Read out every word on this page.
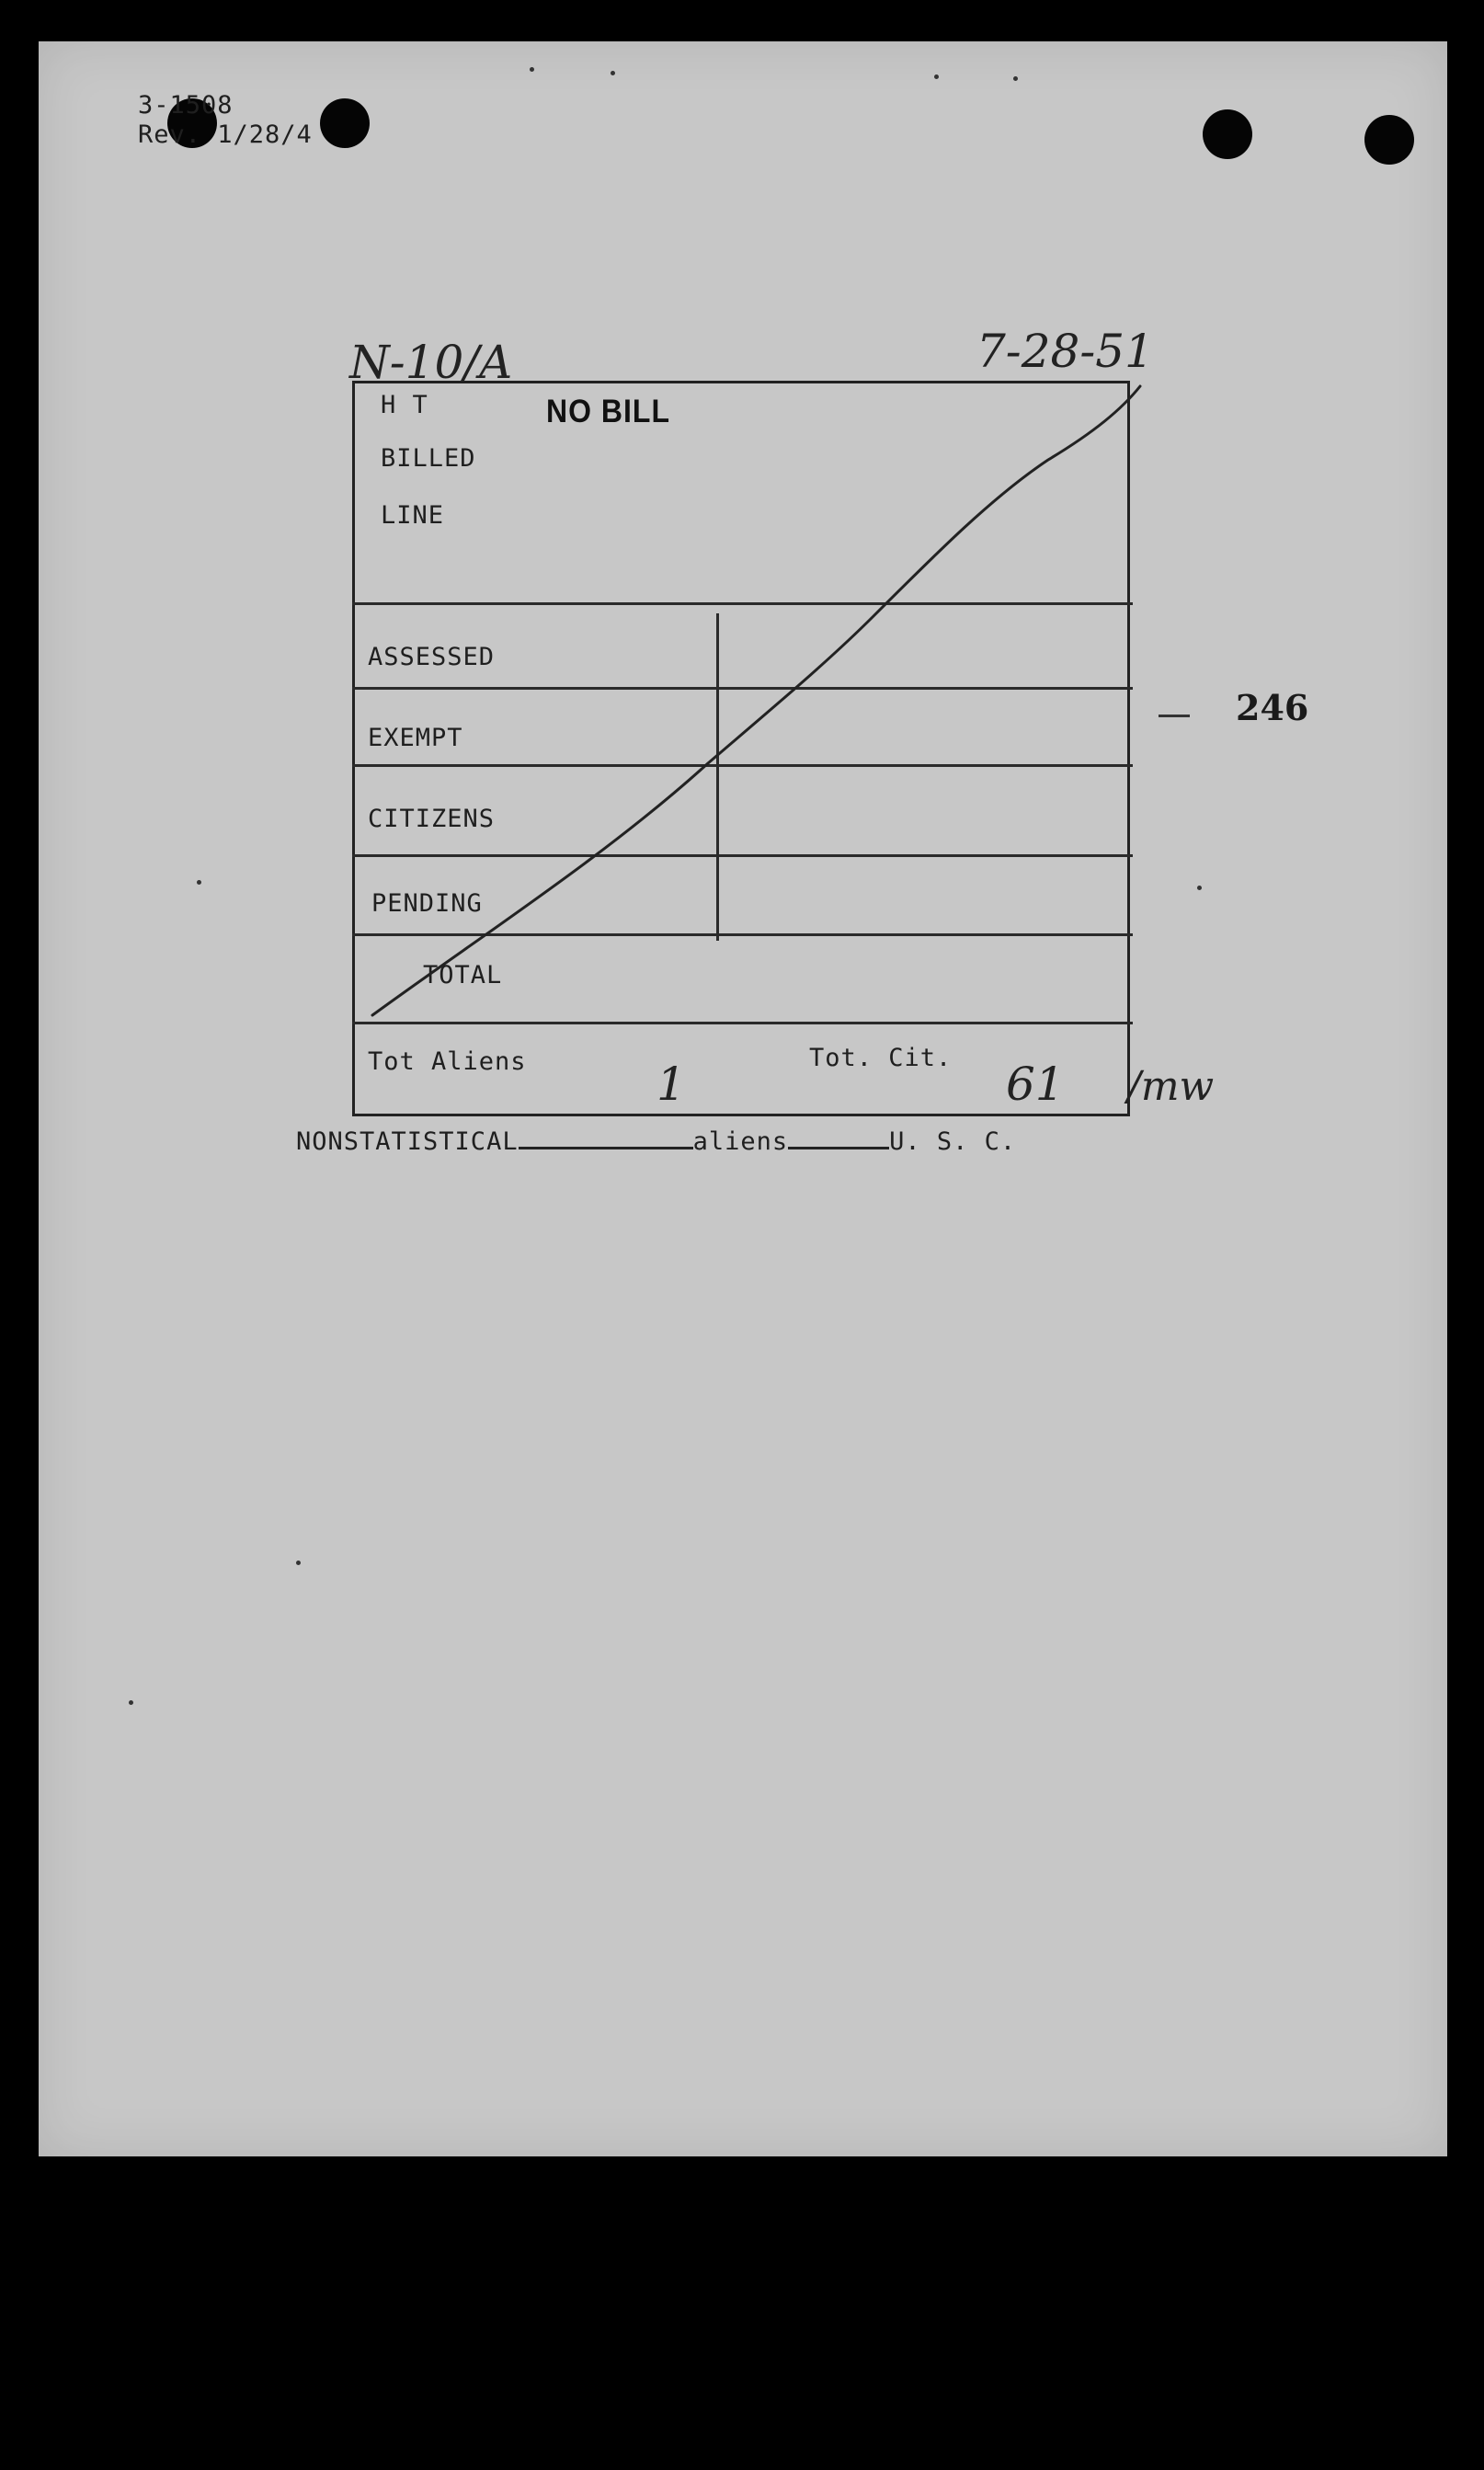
3-1508
Rev. 1/28/4
N-10/A	7-28-51
246
NONSTATISTICAL	aliens	U. S. C.
H T	NO BILL
BILLED
LINE
ASSESSED
EXEMPT
CITIZENS
PENDING
TOTAL
Tot Aliens	Tot. Cit.
1	61 /mw
